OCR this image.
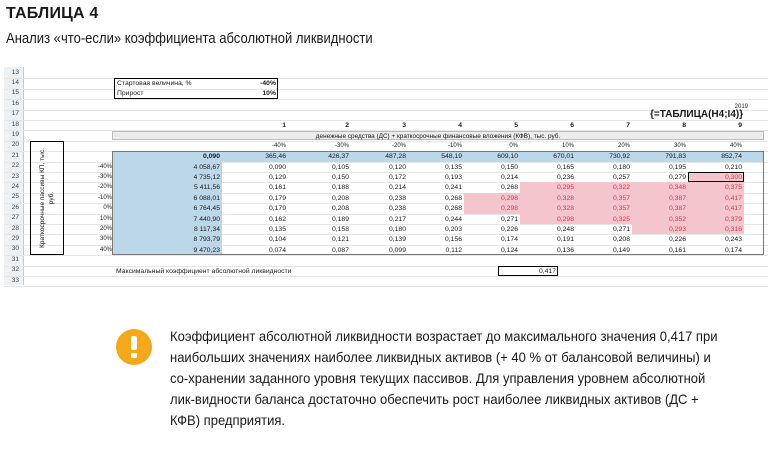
ТАБЛИЦА 4
Анализ «что-если» коэффициента абсолютной ликвидности
13
14
15
16
17
18
19
20
21
22
23
24
25
26
27
28
29
30
31
32
33
Стартовая величина, %	-40%
Прирост	10%
2019
{=ТАБЛИЦА(H4;I4)}
1	2	3	4	5	6	7	8	9
денежные средства (ДС) + краткосрочные финансовые вложения (КФВ), тыс. руб.
-40%	-30%	-20%	-10%	0%	10%	20%	30%	40%
0,090	365,46	426,37	487,28	548,19	609,10	670,01	730,92	791,83	852,74
-40%	4 058,67	0,090	0,105	0,120	0,135	0,150	0,165	0,180	0,195	0,210
-30%	4 735,12	0,129	0,150	0,172	0,193	0,214	0,236	0,257	0,279	0,300
-20%	5 411,56	0,161	0,188	0,214	0,241	0,268	0,295	0,322	0,348	0,375
-10%	6 088,01	0,179	0,208	0,238	0,268	0,298	0,328	0,357	0,387	0,417
0%	6 764,45	0,179	0,208	0,238	0,268	0,298	0,328	0,357	0,387	0,417
10%	7 440,90	0,162	0,189	0,217	0,244	0,271	0,298	0,325	0,352	0,379
20%	8 117,34	0,135	0,158	0,180	0,203	0,226	0,248	0,271	0,293	0,316
30%	8 793,79	0,104	0,121	0,139	0,156	0,174	0,191	0,208	0,226	0,243
40%	9 470,23	0,074	0,087	0,099	0,112	0,124	0,136	0,149	0,161	0,174
Краткосрочные пассивы КП, тыс. руб.
Максимальный коэффициент абсолютной ликвидности	0,417
Коэффициент абсолютной ликвидности возрастает до максимального значения 0,417 при наибольших значениях наиболее ликвидных активов (+ 40 % от балансовой величины) и со-хранении заданного уровня текущих пассивов. Для управления уровнем абсолютной лик-видности баланса достаточно обеспечить рост наиболее ликвидных активов (ДС + КФВ) предприятия.
